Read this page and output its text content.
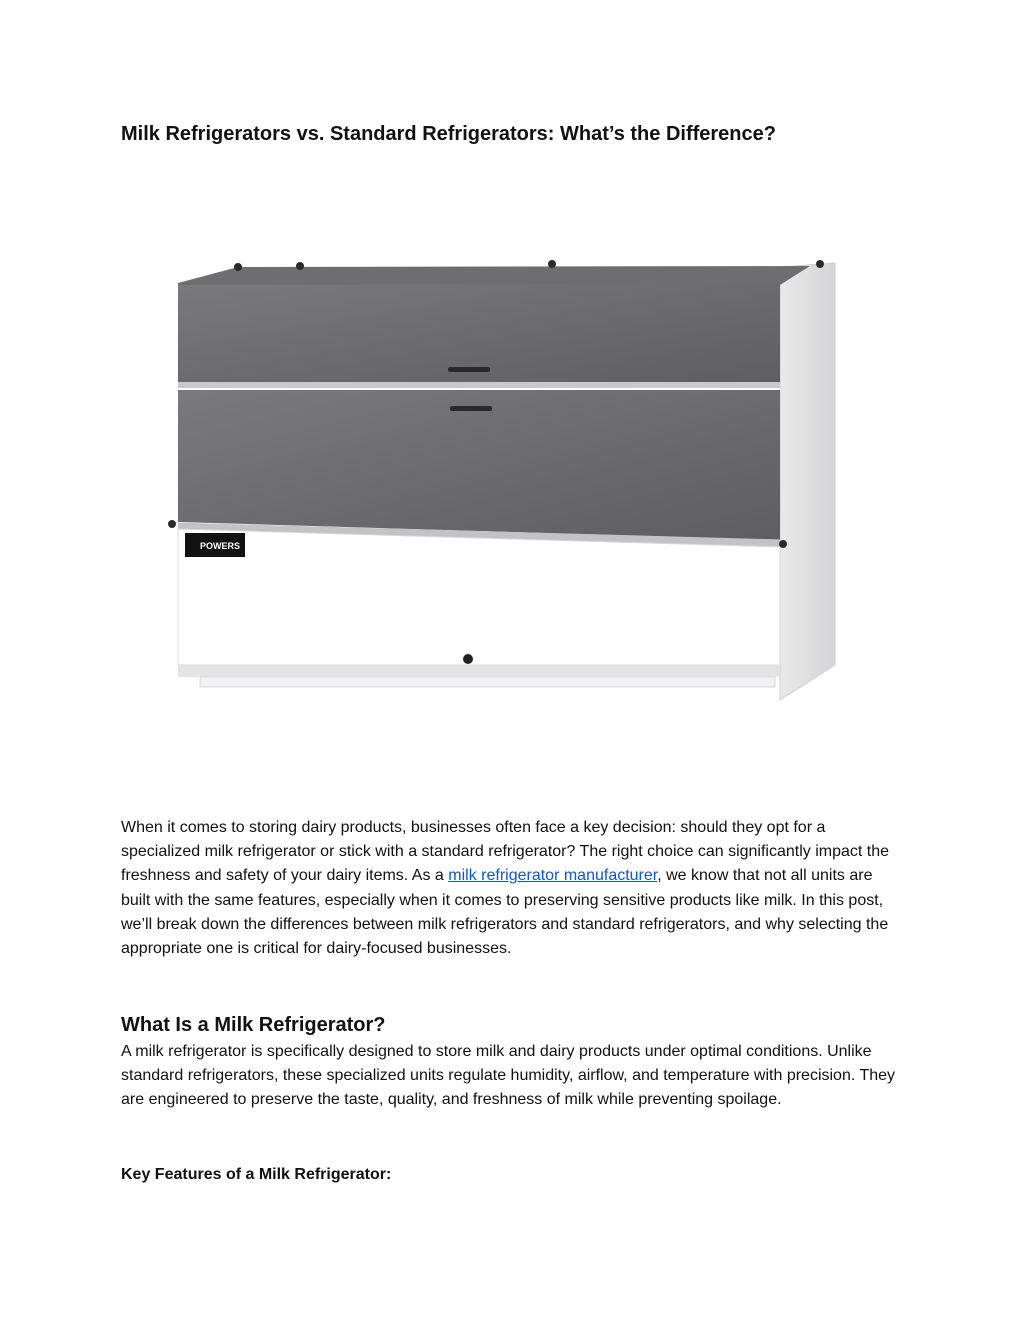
Milk Refrigerators vs. Standard Refrigerators: What’s the Difference?
POWERS

When it comes to storing dairy products, businesses often face a key decision: should they opt for a specialized milk refrigerator or stick with a standard refrigerator? The right choice can significantly impact the freshness and safety of your dairy items. As a milk refrigerator manufacturer, we know that not all units are built with the same features, especially when it comes to preserving sensitive products like milk. In this post, we’ll break down the differences between milk refrigerators and standard refrigerators, and why selecting the appropriate one is critical for dairy-focused businesses.

What Is a Milk Refrigerator?

A milk refrigerator is specifically designed to store milk and dairy products under optimal conditions. Unlike standard refrigerators, these specialized units regulate humidity, airflow, and temperature with precision. They are engineered to preserve the taste, quality, and freshness of milk while preventing spoilage.

Key Features of a Milk Refrigerator:
